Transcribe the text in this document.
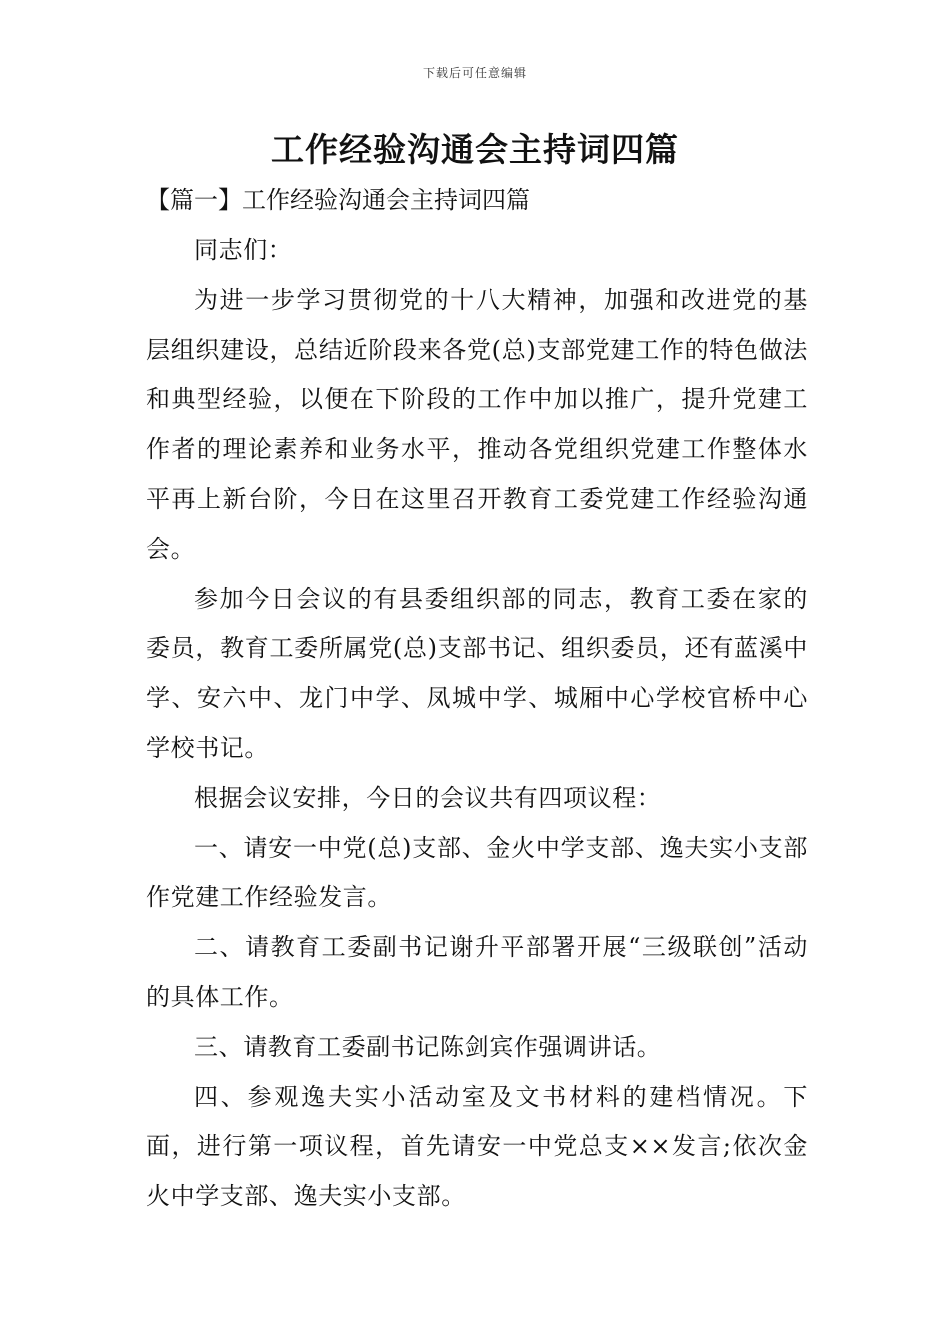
下载后可任意编辑
工作经验沟通会主持词四篇
【篇一】工作经验沟通会主持词四篇

同志们：

为进一步学习贯彻党的十八大精神，加强和改进党的基层组织建设，总结近阶段来各党(总)支部党建工作的特色做法和典型经验，以便在下阶段的工作中加以推广，提升党建工作者的理论素养和业务水平，推动各党组织党建工作整体水平再上新台阶，今日在这里召开教育工委党建工作经验沟通会。

参加今日会议的有县委组织部的同志，教育工委在家的委员，教育工委所属党(总)支部书记、组织委员，还有蓝溪中学、安六中、龙门中学、凤城中学、城厢中心学校官桥中心学校书记。

根据会议安排，今日的会议共有四项议程：

一、请安一中党(总)支部、金火中学支部、逸夫实小支部作党建工作经验发言。

二、请教育工委副书记谢升平部署开展“三级联创”活动的具体工作。

三、请教育工委副书记陈剑宾作强调讲话。

四、参观逸夫实小活动室及文书材料的建档情况。下面，进行第一项议程，首先请安一中党总支××发言;依次金火中学支部、逸夫实小支部。
